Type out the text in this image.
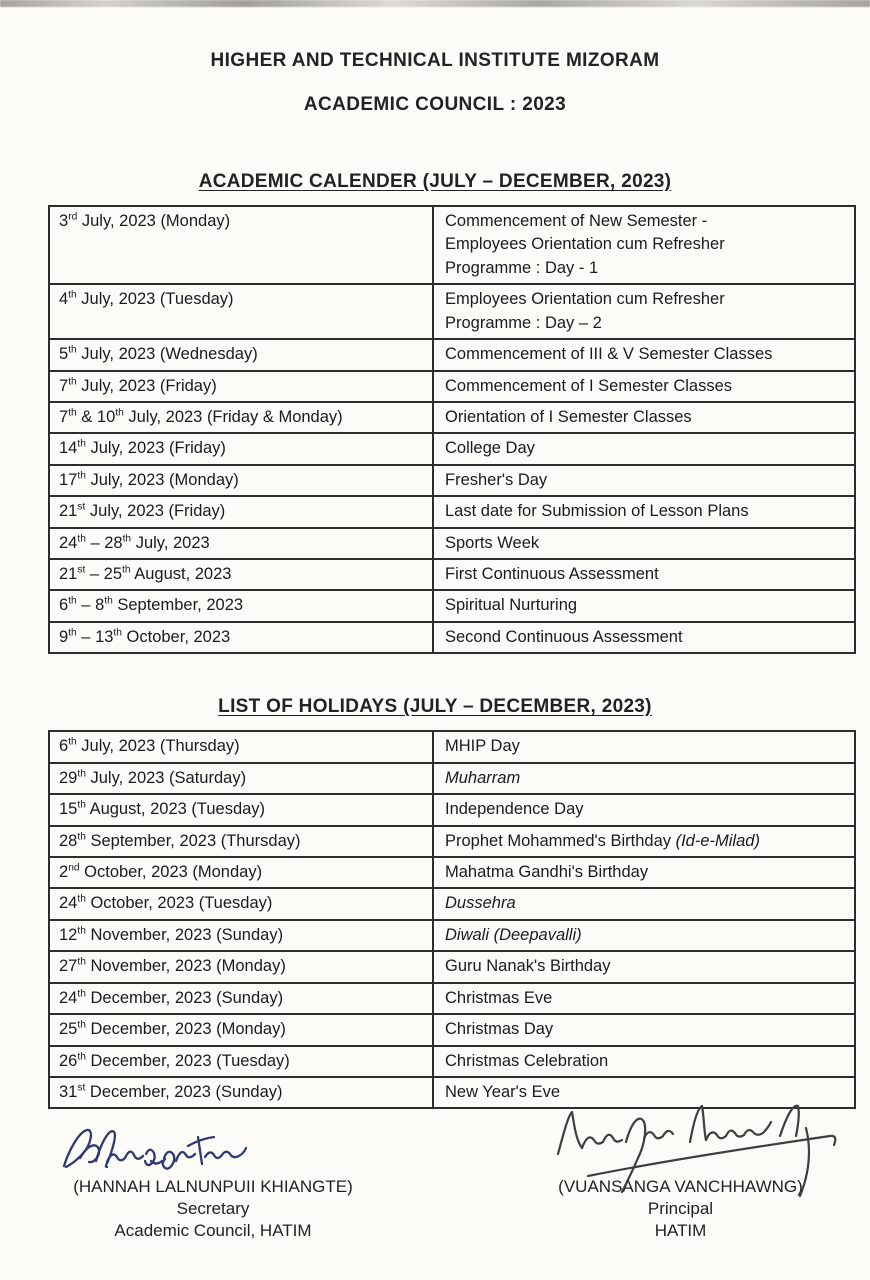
HIGHER AND TECHNICAL INSTITUTE MIZORAM
ACADEMIC COUNCIL : 2023
ACADEMIC CALENDER (JULY – DECEMBER, 2023)
3rd July, 2023 (Monday)	Commencement of New Semester -
Employees Orientation cum Refresher
Programme : Day - 1
4th July, 2023 (Tuesday)	Employees Orientation cum Refresher
Programme : Day – 2
5th July, 2023 (Wednesday)	Commencement of III & V Semester Classes
7th July, 2023 (Friday)	Commencement of I Semester Classes
7th & 10th July, 2023 (Friday & Monday)	Orientation of I Semester Classes
14th July, 2023 (Friday)	College Day
17th July, 2023 (Monday)	Fresher's Day
21st July, 2023 (Friday)	Last date for Submission of Lesson Plans
24th – 28th July, 2023	Sports Week
21st – 25th August, 2023	First Continuous Assessment
6th – 8th September, 2023	Spiritual Nurturing
9th – 13th October, 2023	Second Continuous Assessment
LIST OF HOLIDAYS (JULY – DECEMBER, 2023)
6th July, 2023 (Thursday)	MHIP Day
29th July, 2023 (Saturday)	Muharram
15th August, 2023 (Tuesday)	Independence Day
28th September, 2023 (Thursday)	Prophet Mohammed's Birthday (Id-e-Milad)
2nd October, 2023 (Monday)	Mahatma Gandhi's Birthday
24th October, 2023 (Tuesday)	Dussehra
12th November, 2023 (Sunday)	Diwali (Deepavalli)
27th November, 2023 (Monday)	Guru Nanak's Birthday
24th December, 2023 (Sunday)	Christmas Eve
25th December, 2023 (Monday)	Christmas Day
26th December, 2023 (Tuesday)	Christmas Celebration
31st December, 2023 (Sunday)	New Year's Eve
(HANNAH LALNUNPUII KHIANGTE)
Secretary
Academic Council, HATIM
(VUANSANGA VANCHHAWNG)
Principal
HATIM
